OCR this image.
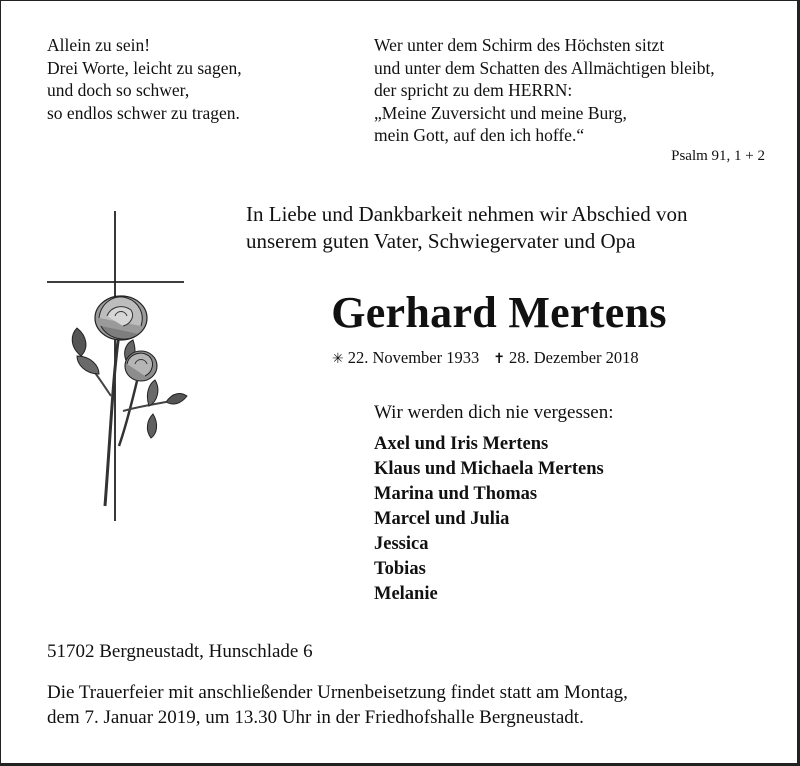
Allein zu sein!
Drei Worte, leicht zu sagen,
und doch so schwer,
so endlos schwer zu tragen.
Wer unter dem Schirm des Höchsten sitzt
und unter dem Schatten des Allmächtigen bleibt,
der spricht zu dem HERRN:
„Meine Zuversicht und meine Burg,
mein Gott, auf den ich hoffe.“
Psalm 91, 1 + 2
In Liebe und Dankbarkeit nehmen wir Abschied von
unserem guten Vater, Schwiegervater und Opa
Gerhard Mertens
✳ 22. November 1933 ✝ 28. Dezember 2018
Wir werden dich nie vergessen:
Axel und Iris Mertens
Klaus und Michaela Mertens
Marina und Thomas
Marcel und Julia
Jessica
Tobias
Melanie
51702 Bergneustadt, Hunschlade 6
Die Trauerfeier mit anschließender Urnenbeisetzung findet statt am Montag,
dem 7. Januar 2019, um 13.30 Uhr in der Friedhofshalle Bergneustadt.
